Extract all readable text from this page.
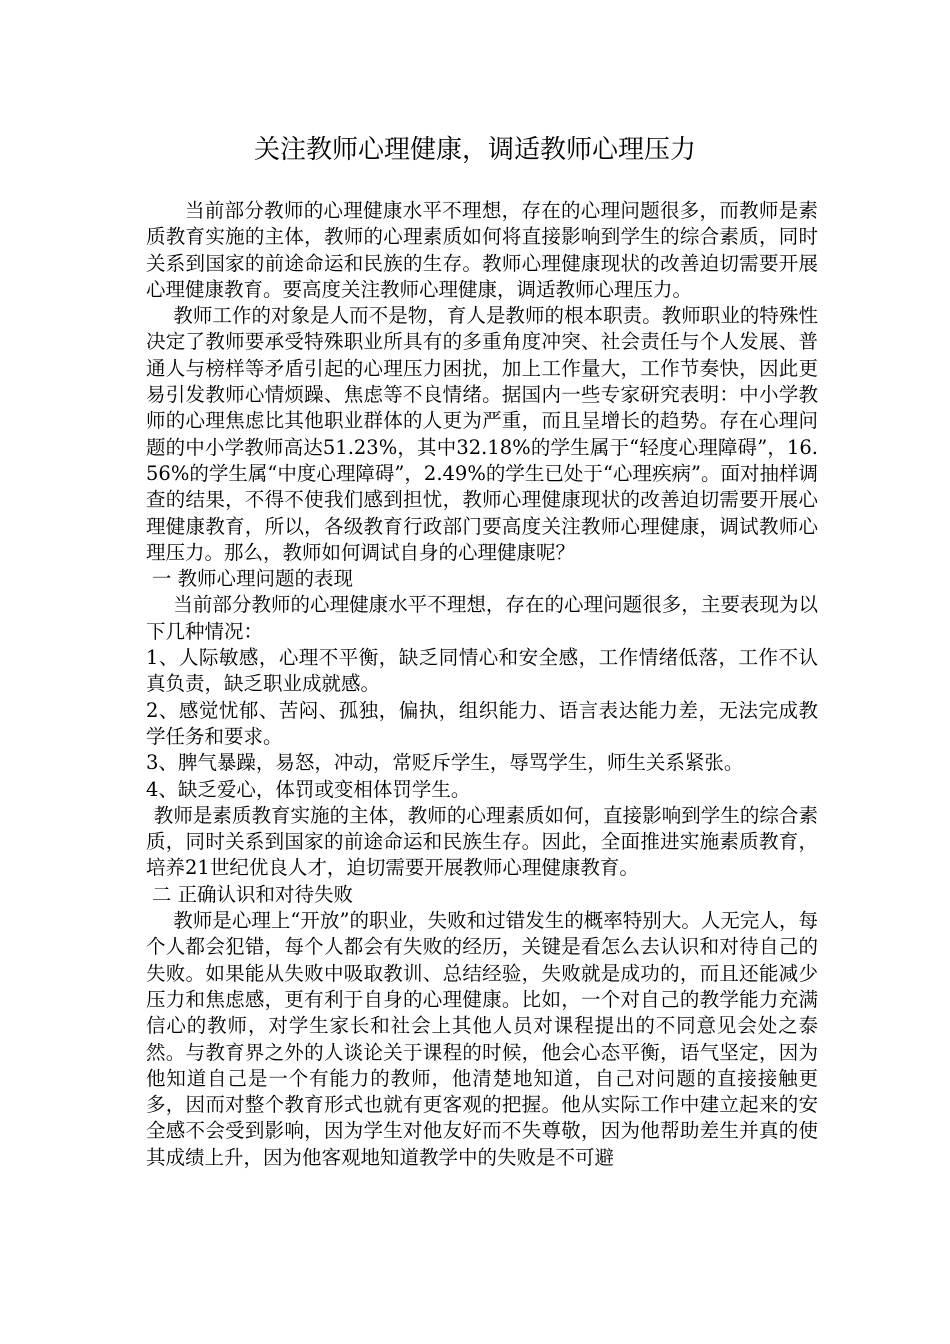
关注教师心理健康，调适教师心理压力

当前部分教师的心理健康水平不理想，存在的心理问题很多，而教师是素质教育实施的主体，教师的心理素质如何将直接影响到学生的综合素质，同时关系到国家的前途命运和民族的生存。教师心理健康现状的改善迫切需要开展心理健康教育。要高度关注教师心理健康，调适教师心理压力。

教师工作的对象是人而不是物，育人是教师的根本职责。教师职业的特殊性决定了教师要承受特殊职业所具有的多重角度冲突、社会责任与个人发展、普通人与榜样等矛盾引起的心理压力困扰，加上工作量大，工作节奏快，因此更易引发教师心情烦躁、焦虑等不良情绪。据国内一些专家研究表明：中小学教师的心理焦虑比其他职业群体的人更为严重，而且呈增长的趋势。存在心理问题的中小学教师高达51.23%，其中32.18%的学生属于“轻度心理障碍”，16.56%的学生属“中度心理障碍”，2.49%的学生已处于“心理疾病”。面对抽样调查的结果，不得不使我们感到担忧，教师心理健康现状的改善迫切需要开展心理健康教育，所以，各级教育行政部门要高度关注教师心理健康，调试教师心理压力。那么，教师如何调试自身的心理健康呢？

一 教师心理问题的表现

当前部分教师的心理健康水平不理想，存在的心理问题很多，主要表现为以下几种情况：

1、人际敏感，心理不平衡，缺乏同情心和安全感，工作情绪低落，工作不认真负责，缺乏职业成就感。

2、感觉忧郁、苦闷、孤独，偏执，组织能力、语言表达能力差，无法完成教学任务和要求。

3、脾气暴躁，易怒，冲动，常贬斥学生，辱骂学生，师生关系紧张。

4、缺乏爱心，体罚或变相体罚学生。

教师是素质教育实施的主体，教师的心理素质如何，直接影响到学生的综合素质，同时关系到国家的前途命运和民族生存。因此，全面推进实施素质教育，培养21世纪优良人才，迫切需要开展教师心理健康教育。

二 正确认识和对待失败

教师是心理上“开放”的职业，失败和过错发生的概率特别大。人无完人，每个人都会犯错，每个人都会有失败的经历，关键是看怎么去认识和对待自己的失败。如果能从失败中吸取教训、总结经验，失败就是成功的，而且还能减少压力和焦虑感，更有利于自身的心理健康。比如，一个对自己的教学能力充满信心的教师，对学生家长和社会上其他人员对课程提出的不同意见会处之泰然。与教育界之外的人谈论关于课程的时候，他会心态平衡，语气坚定，因为他知道自己是一个有能力的教师，他清楚地知道，自己对问题的直接接触更多，因而对整个教育形式也就有更客观的把握。他从实际工作中建立起来的安全感不会受到影响，因为学生对他友好而不失尊敬，因为他帮助差生并真的使其成绩上升，因为他客观地知道教学中的失败是不可避
